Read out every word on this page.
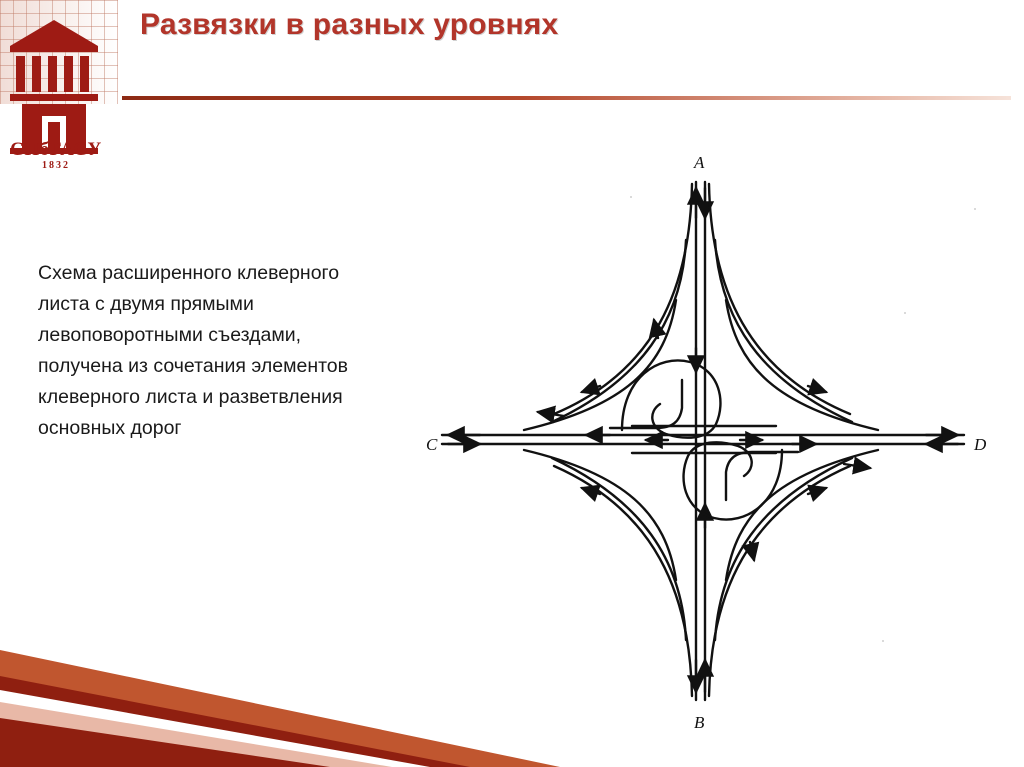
СПбГАСУ
1832
Развязки в разных уровнях
Схема расширенного клеверного листа с двумя прямыми левоповоротными съездами, получена из сочетания элементов клеверного листа и разветвления основных дорог
A
B
C	D
